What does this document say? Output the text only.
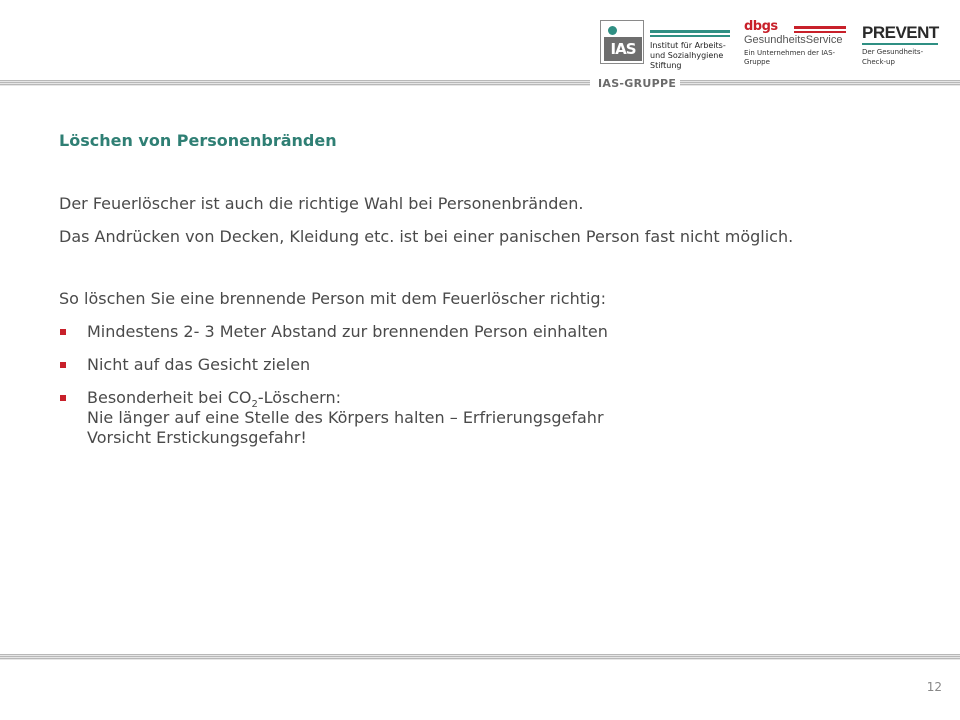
IAS	Institut für Arbeits- und Sozialhygiene Stiftung
dbgs
GesundheitsService
Ein Unternehmen der IAS-Gruppe
PREVENT
Der Gesundheits-Check-up
IAS-GRUPPE
Löschen von Personenbränden
Der Feuerlöscher ist auch die richtige Wahl bei Personenbränden.
Das Andrücken von Decken, Kleidung etc. ist bei einer panischen Person fast nicht möglich.
So löschen Sie eine brennende Person mit dem Feuerlöscher richtig:
Mindestens 2- 3 Meter Abstand zur brennenden Person einhalten
Nicht auf das Gesicht zielen
Besonderheit bei $CO_2$-Löschern:
Nie länger auf eine Stelle des Körpers halten – Erfrierungsgefahr
Vorsicht Erstickungsgefahr!
12
